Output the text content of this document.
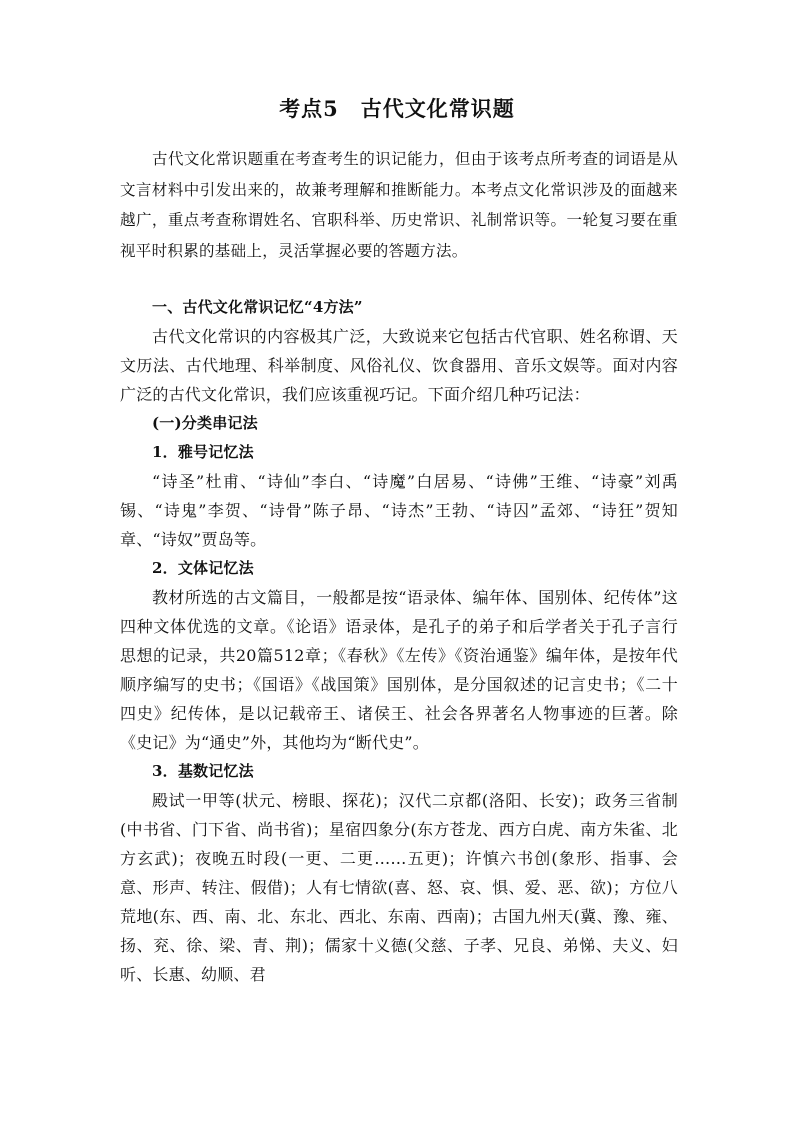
考点5　古代文化常识题

古代文化常识题重在考查考生的识记能力，但由于该考点所考查的词语是从文言材料中引发出来的，故兼考理解和推断能力。本考点文化常识涉及的面越来越广，重点考查称谓姓名、官职科举、历史常识、礼制常识等。一轮复习要在重视平时积累的基础上，灵活掌握必要的答题方法。

一、古代文化常识记忆“4方法”

古代文化常识的内容极其广泛，大致说来它包括古代官职、姓名称谓、天文历法、古代地理、科举制度、风俗礼仪、饮食器用、音乐文娱等。面对内容广泛的古代文化常识，我们应该重视巧记。下面介绍几种巧记法：

(一)分类串记法

1．雅号记忆法

“诗圣”杜甫、“诗仙”李白、“诗魔”白居易、“诗佛”王维、“诗豪”刘禹锡、“诗鬼”李贺、“诗骨”陈子昂、“诗杰”王勃、“诗囚”孟郊、“诗狂”贺知章、“诗奴”贾岛等。

2．文体记忆法

教材所选的古文篇目，一般都是按“语录体、编年体、国别体、纪传体”这四种文体优选的文章。《论语》语录体，是孔子的弟子和后学者关于孔子言行思想的记录，共20篇512章；《春秋》《左传》《资治通鉴》编年体，是按年代顺序编写的史书；《国语》《战国策》国别体，是分国叙述的记言史书；《二十四史》纪传体，是以记载帝王、诸侯王、社会各界著名人物事迹的巨著。除《史记》为“通史”外，其他均为“断代史”。

3．基数记忆法

殿试一甲等(状元、榜眼、探花)；汉代二京都(洛阳、长安)；政务三省制(中书省、门下省、尚书省)；星宿四象分(东方苍龙、西方白虎、南方朱雀、北方玄武)；夜晚五时段(一更、二更……五更)；许慎六书创(象形、指事、会意、形声、转注、假借)；人有七情欲(喜、怒、哀、惧、爱、恶、欲)；方位八荒地(东、西、南、北、东北、西北、东南、西南)；古国九州天(冀、豫、雍、扬、兖、徐、梁、青、荆)；儒家十义德(父慈、子孝、兄良、弟悌、夫义、妇听、长惠、幼顺、君
